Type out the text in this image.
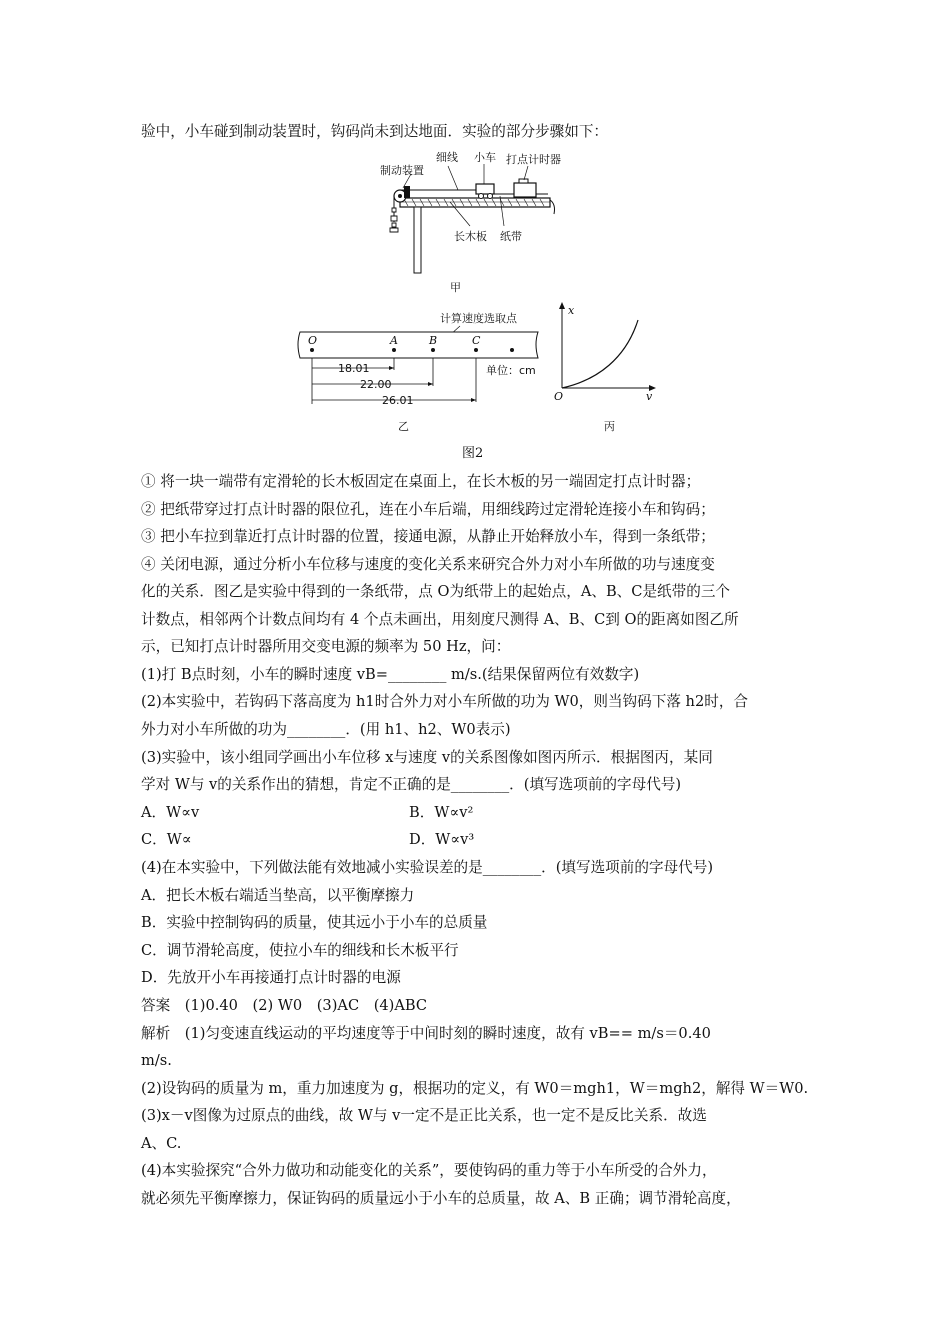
验中，小车碰到制动装置时，钩码尚未到达地面．实验的部分步骤如下：
制动装置
细线 小车 打点计时器
长木板 纸带
甲
计算速度选取点
O	A	B	C
18.01
22.00
26.01
单位：cm
乙
x
v
O
丙
图2
① 将一块一端带有定滑轮的长木板固定在桌面上，在长木板的另一端固定打点计时器；
② 把纸带穿过打点计时器的限位孔，连在小车后端，用细线跨过定滑轮连接小车和钩码；
③ 把小车拉到靠近打点计时器的位置，接通电源，从静止开始释放小车，得到一条纸带；
④ 关闭电源，通过分析小车位移与速度的变化关系来研究合外力对小车所做的功与速度变
化的关系．图乙是实验中得到的一条纸带，点 O为纸带上的起始点，A、B、C是纸带的三个
计数点，相邻两个计数点间均有 4 个点未画出，用刻度尺测得 A、B、C到 O的距离如图乙所
示，已知打点计时器所用交变电源的频率为 50 Hz，问：
(1)打 B点时刻，小车的瞬时速度 vB=________ m/s.(结果保留两位有效数字)
(2)本实验中，若钩码下落高度为 h1时合外力对小车所做的功为 W0，则当钩码下落 h2时，合
外力对小车所做的功为________．(用 h1、h2、W0表示)
(3)实验中，该小组同学画出小车位移 x与速度 v的关系图像如图丙所示．根据图丙，某同
学对 W与 v的关系作出的猜想，肯定不正确的是________．(填写选项前的字母代号)
A．W∝v	B．W∝v²
C．W∝	D．W∝v³
(4)在本实验中，下列做法能有效地减小实验误差的是________．(填写选项前的字母代号)
A．把长木板右端适当垫高，以平衡摩擦力
B．实验中控制钩码的质量，使其远小于小车的总质量
C．调节滑轮高度，使拉小车的细线和长木板平行
D．先放开小车再接通打点计时器的电源
答案　(1)0.40　(2) W0　(3)AC　(4)ABC
解析　(1)匀变速直线运动的平均速度等于中间时刻的瞬时速度，故有 vB== m/s＝0.40
m/s.
(2)设钩码的质量为 m，重力加速度为 g，根据功的定义，有 W0＝mgh1，W＝mgh2，解得 W＝W0.
(3)x－v图像为过原点的曲线，故 W与 v一定不是正比关系，也一定不是反比关系．故选
A、C.
(4)本实验探究“合外力做功和动能变化的关系”，要使钩码的重力等于小车所受的合外力，
就必须先平衡摩擦力，保证钩码的质量远小于小车的总质量，故 A、B 正确；调节滑轮高度，
